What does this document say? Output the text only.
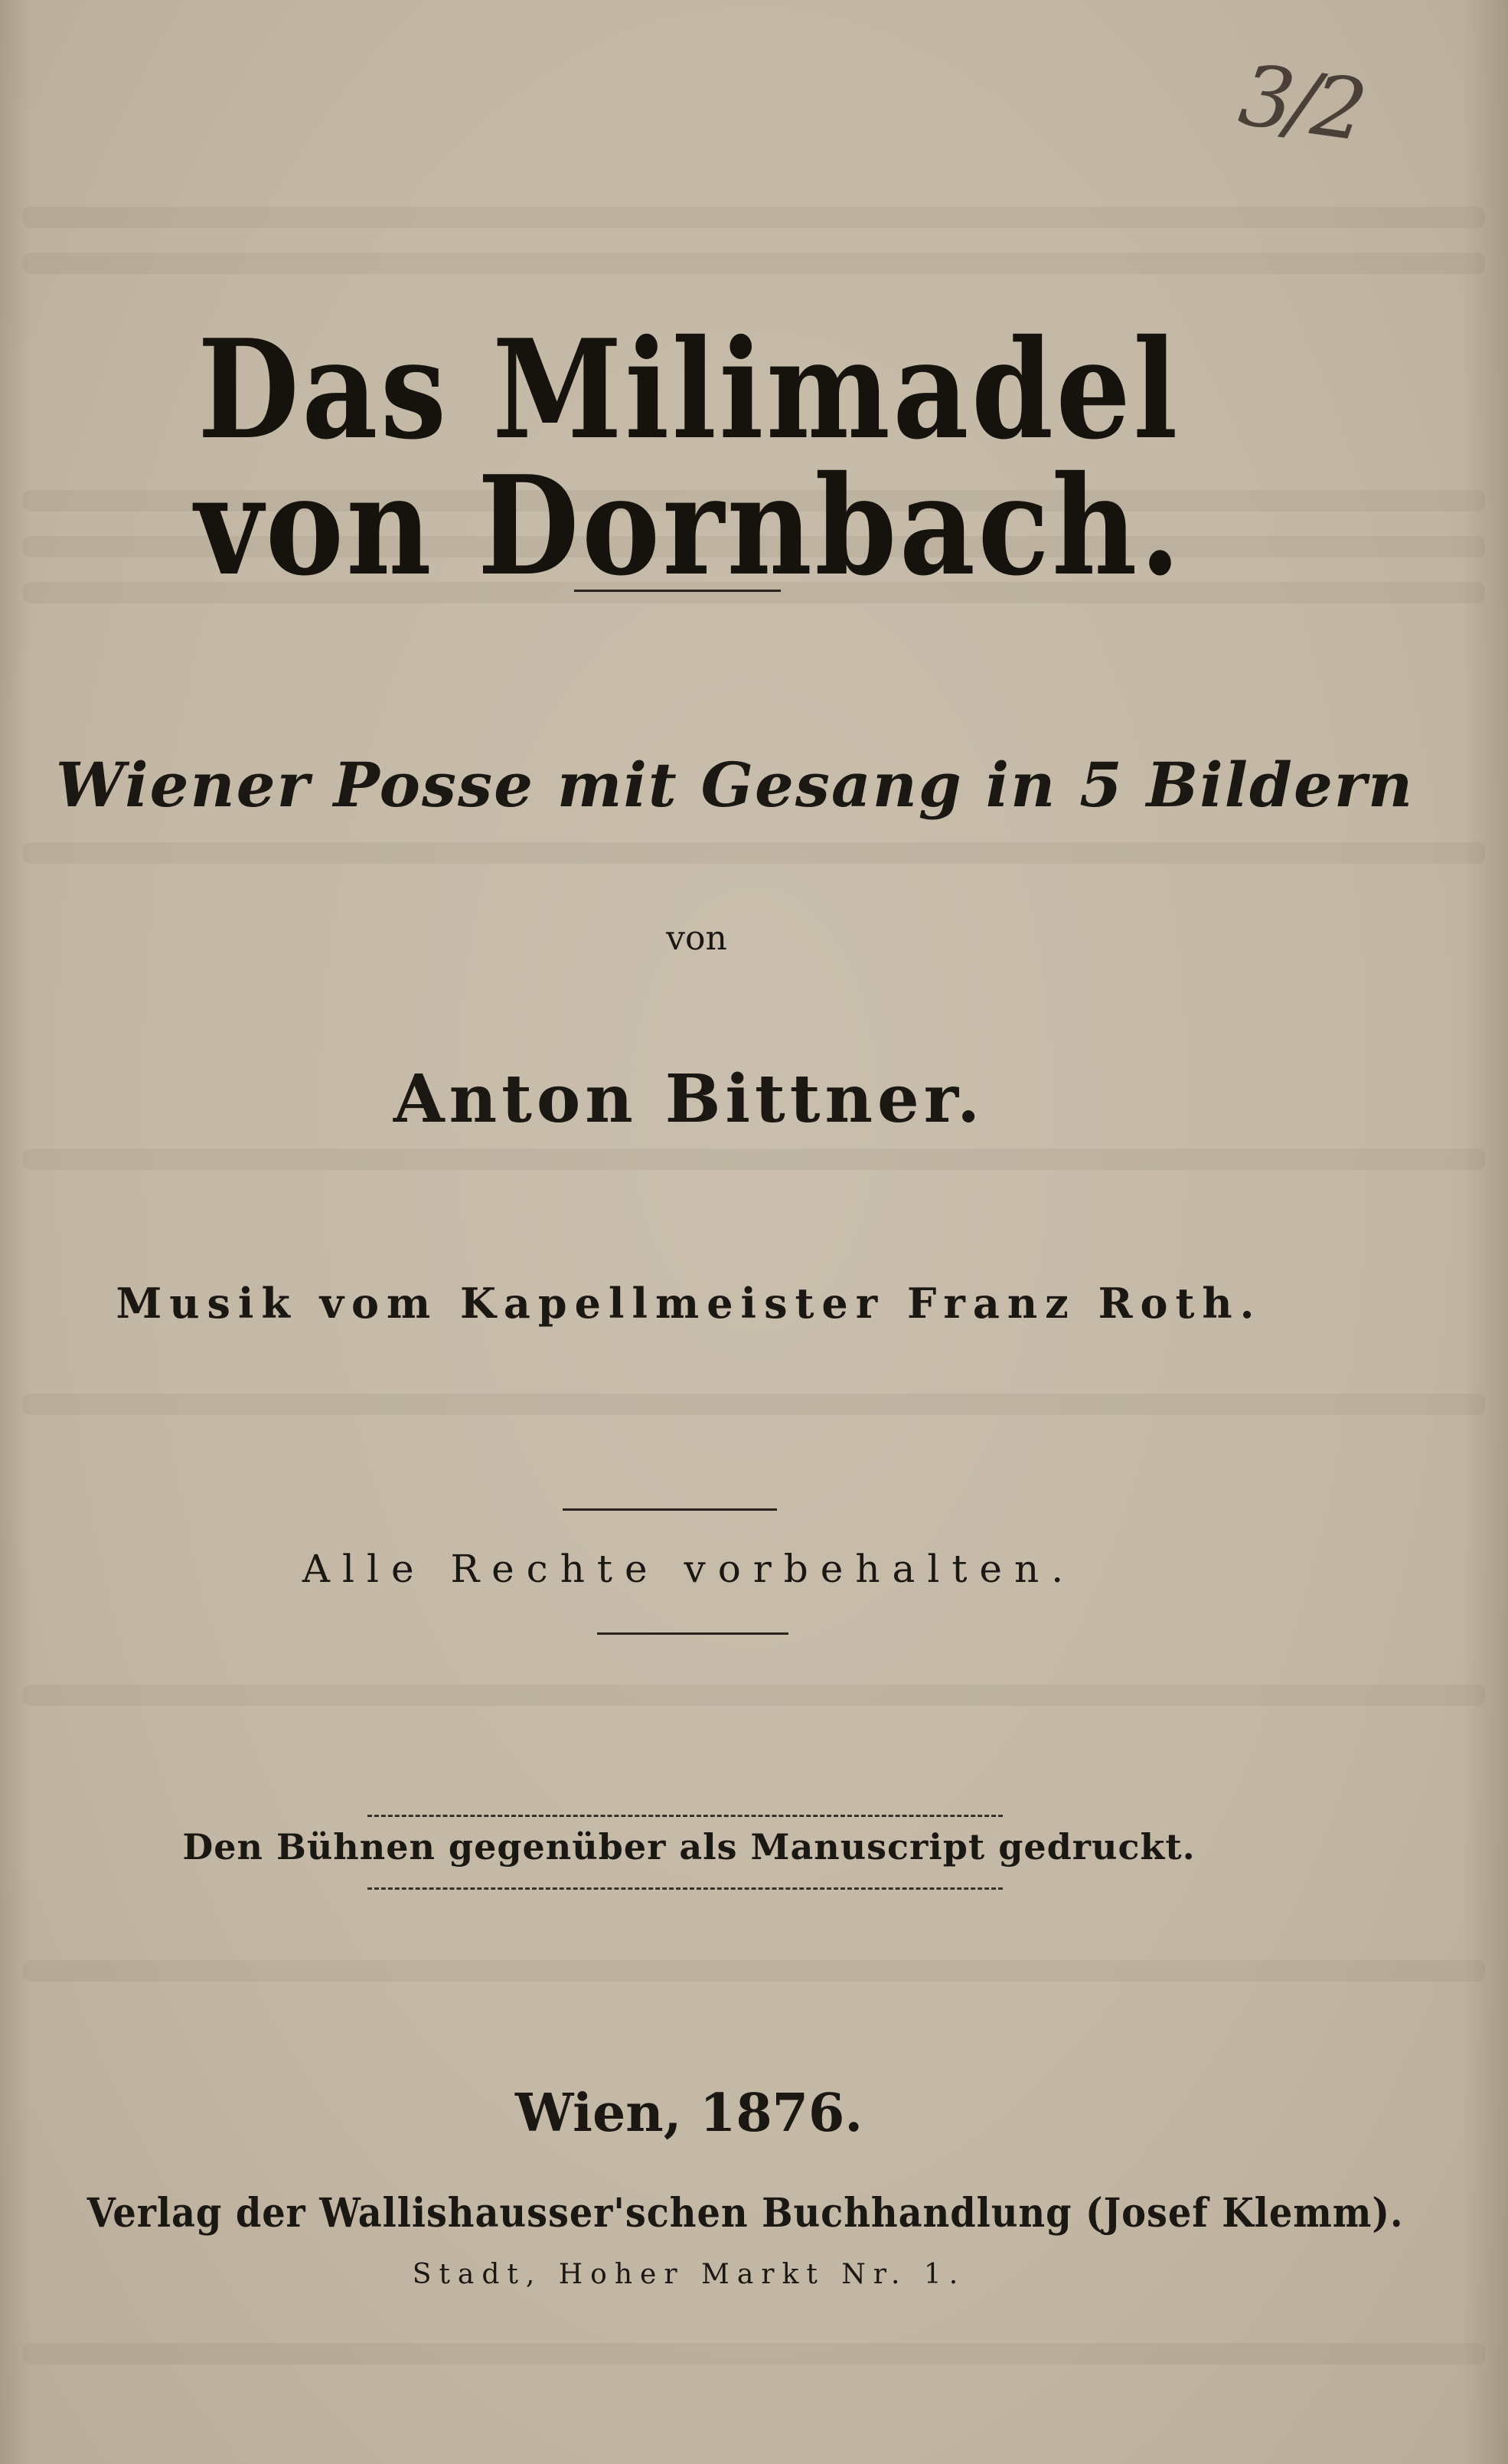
3/2
Das Milimadel von Dornbach.
Wiener Posse mit Gesang in 5 Bildern
von
Anton Bittner.
Musik vom Kapellmeister Franz Roth.
Alle Rechte vorbehalten.
Den Bühnen gegenüber als Manuscript gedruckt.
Wien, 1876.
Verlag der Wallishausser'schen Buchhandlung (Josef Klemm).
Stadt, Hoher Markt Nr. 1.
